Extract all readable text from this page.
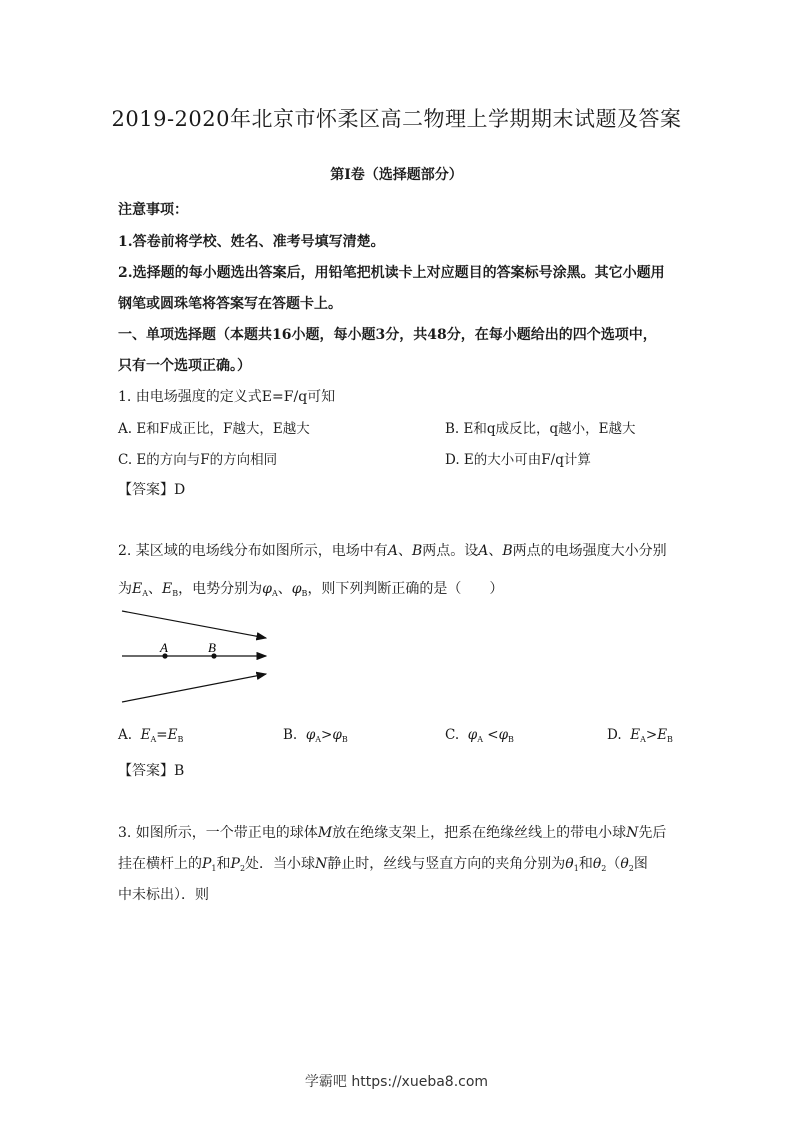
2019-2020年北京市怀柔区高二物理上学期期末试题及答案
第Ⅰ卷（选择题部分）
注意事项：
1.答卷前将学校、姓名、准考号填写清楚。
2.选择题的每小题选出答案后，用铅笔把机读卡上对应题目的答案标号涂黑。其它小题用
钢笔或圆珠笔将答案写在答题卡上。
一、单项选择题（本题共16小题，每小题3分，共48分，在每小题给出的四个选项中，
只有一个选项正确。）
1. 由电场强度的定义式E=F/q可知
A. E和F成正比，F越大，E越大	B. E和q成反比，q越小，E越大
C. E的方向与F的方向相同	D. E的大小可由F/q计算
【答案】D
2. 某区域的电场线分布如图所示，电场中有A、B两点。设A、B两点的电场强度大小分别
为$E_A$、$E_B$，电势分别为$\varphi_A$、$\varphi_B$，则下列判断正确的是（　　）
A	B
A. $E_A=E_B$	B. $\varphi_A>\varphi_B$	C. $\varphi_A <\varphi_B$	D. $E_A>E_B$
【答案】B
3. 如图所示，一个带正电的球体M放在绝缘支架上，把系在绝缘丝线上的带电小球N先后
挂在横杆上的$P_1$和$P_2$处．当小球N静止时，丝线与竖直方向的夹角分别为$\theta_1$和$\theta_2(\theta_2$图
中未标出）．则
学霸吧 https://xueba8.com
